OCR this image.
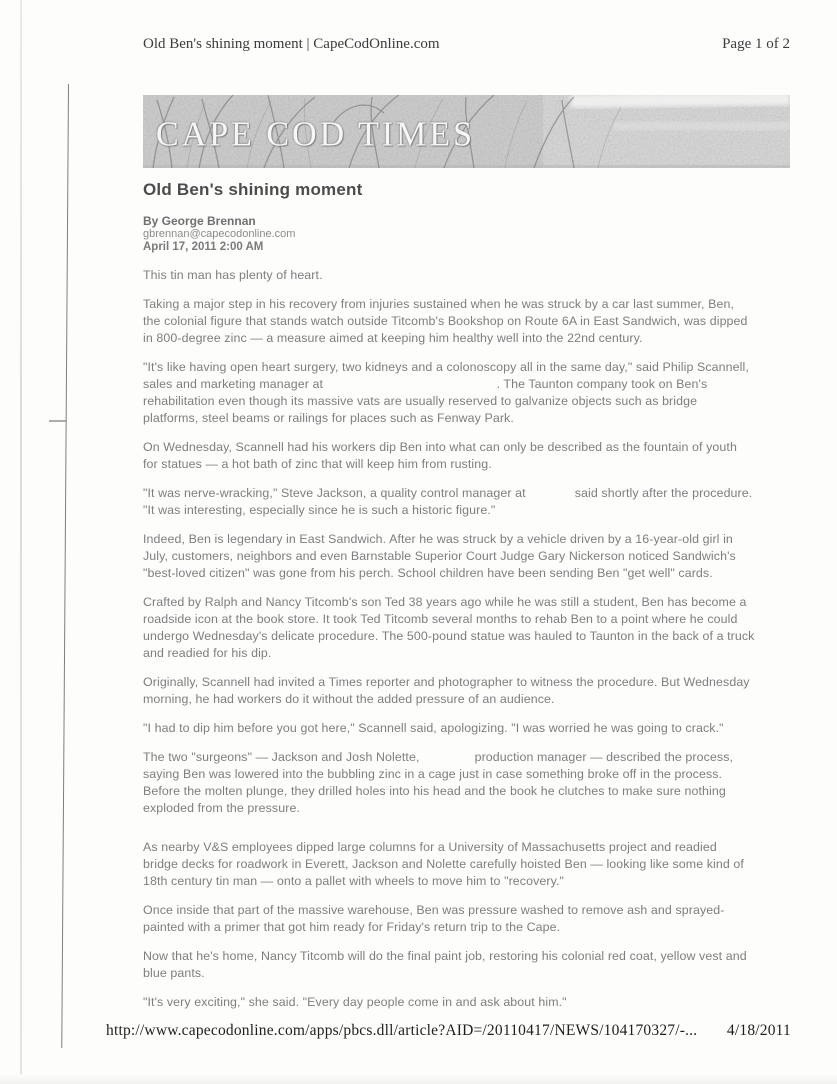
Old Ben's shining moment | CapeCodOnline.com	Page 1 of 2
CAPE COD TIMES
Old Ben's shining moment
By George Brennan
gbrennan@capecodonline.com
April 17, 2011 2:00 AM

This tin man has plenty of heart.

Taking a major step in his recovery from injuries sustained when he was struck by a car last summer, Ben, the colonial figure that stands watch outside Titcomb's Bookshop on Route 6A in East Sandwich, was dipped in 800-degree zinc — a measure aimed at keeping him healthy well into the 22nd century.

"It's like having open heart surgery, two kidneys and a colonoscopy all in the same day," said Philip Scannell, sales and marketing manager at	. The Taunton company took on Ben's rehabilitation even though its massive vats are usually reserved to galvanize objects such as bridge platforms, steel beams or railings for places such as Fenway Park.

On Wednesday, Scannell had his workers dip Ben into what can only be described as the fountain of youth for statues — a hot bath of zinc that will keep him from rusting.

"It was nerve-wracking," Steve Jackson, a quality control manager at	said shortly after the procedure. "It was interesting, especially since he is such a historic figure."

Indeed, Ben is legendary in East Sandwich. After he was struck by a vehicle driven by a 16-year-old girl in July, customers, neighbors and even Barnstable Superior Court Judge Gary Nickerson noticed Sandwich's "best-loved citizen" was gone from his perch. School children have been sending Ben "get well" cards.

Crafted by Ralph and Nancy Titcomb's son Ted 38 years ago while he was still a student, Ben has become a roadside icon at the book store. It took Ted Titcomb several months to rehab Ben to a point where he could undergo Wednesday's delicate procedure. The 500-pound statue was hauled to Taunton in the back of a truck and readied for his dip.

Originally, Scannell had invited a Times reporter and photographer to witness the procedure. But Wednesday morning, he had workers do it without the added pressure of an audience.

"I had to dip him before you got here," Scannell said, apologizing. "I was worried he was going to crack."

The two "surgeons" — Jackson and Josh Nolette,	production manager — described the process, saying Ben was lowered into the bubbling zinc in a cage just in case something broke off in the process. Before the molten plunge, they drilled holes into his head and the book he clutches to make sure nothing exploded from the pressure.

As nearby V&S employees dipped large columns for a University of Massachusetts project and readied bridge decks for roadwork in Everett, Jackson and Nolette carefully hoisted Ben — looking like some kind of 18th century tin man — onto a pallet with wheels to move him to "recovery."

Once inside that part of the massive warehouse, Ben was pressure washed to remove ash and sprayed-painted with a primer that got him ready for Friday's return trip to the Cape.

Now that he's home, Nancy Titcomb will do the final paint job, restoring his colonial red coat, yellow vest and blue pants.

"It's very exciting," she said. "Every day people come in and ask about him."

http://www.capecodonline.com/apps/pbcs.dll/article?AID=/20110417/NEWS/104170327/-... 4/18/2011
